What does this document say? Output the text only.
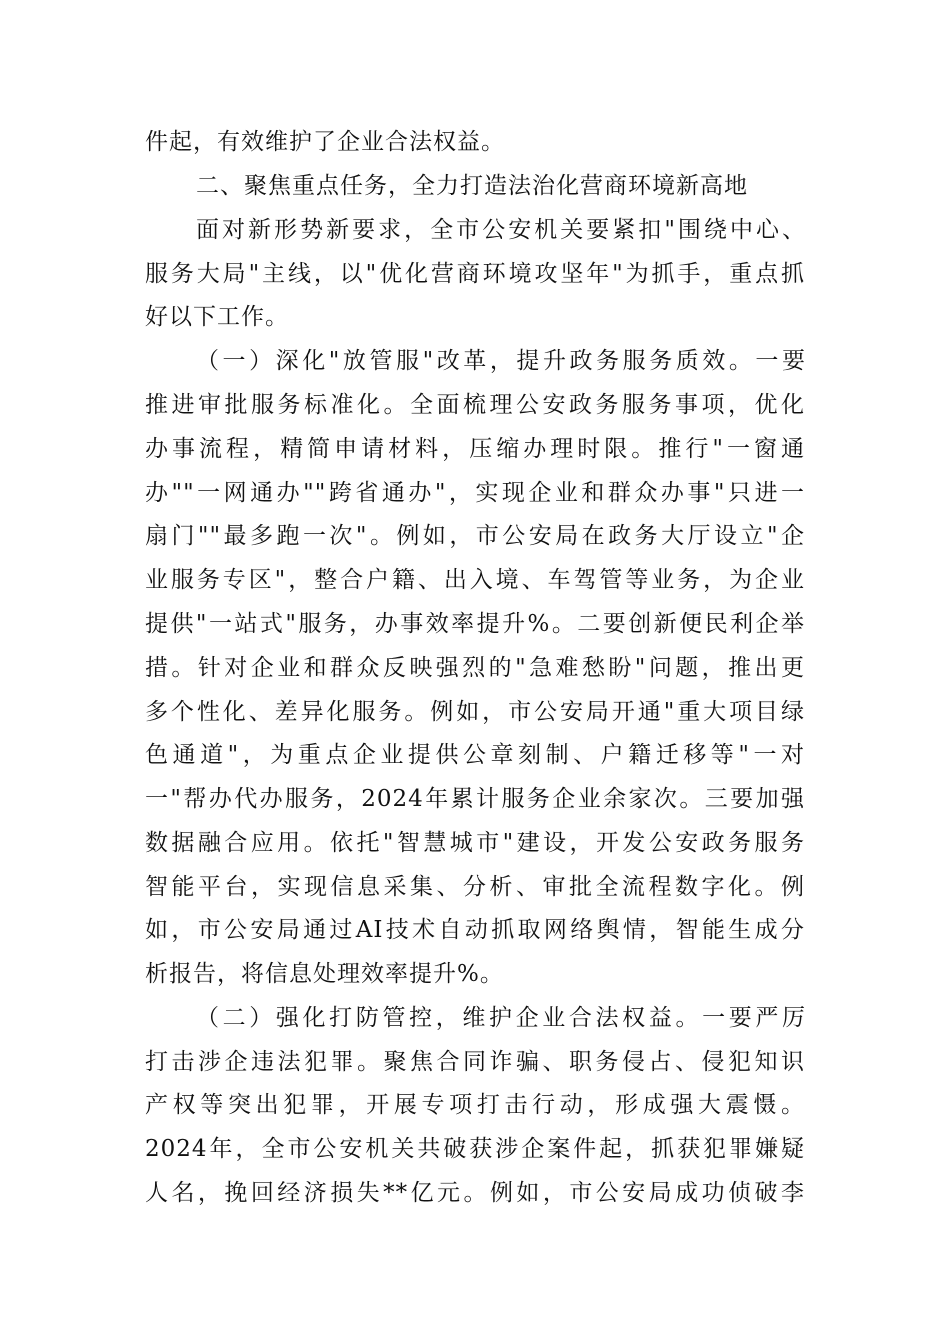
件起，有效维护了企业合法权益。
二、聚焦重点任务，全力打造法治化营商环境新高地
面对新形势新要求，全市公安机关要紧扣"围绕中心、
服务大局"主线，以"优化营商环境攻坚年"为抓手，重点抓
好以下工作。
（一）深化"放管服"改革，提升政务服务质效。一要
推进审批服务标准化。全面梳理公安政务服务事项，优化
办事流程，精简申请材料，压缩办理时限。推行"一窗通
办""一网通办""跨省通办"，实现企业和群众办事"只进一
扇门""最多跑一次"。例如，市公安局在政务大厅设立"企
业服务专区"，整合户籍、出入境、车驾管等业务，为企业
提供"一站式"服务，办事效率提升%。二要创新便民利企举
措。针对企业和群众反映强烈的"急难愁盼"问题，推出更
多个性化、差异化服务。例如，市公安局开通"重大项目绿
色通道"，为重点企业提供公章刻制、户籍迁移等"一对
一"帮办代办服务，2024年累计服务企业余家次。三要加强
数据融合应用。依托"智慧城市"建设，开发公安政务服务
智能平台，实现信息采集、分析、审批全流程数字化。例
如，市公安局通过AI技术自动抓取网络舆情，智能生成分
析报告，将信息处理效率提升%。
（二）强化打防管控，维护企业合法权益。一要严厉
打击涉企违法犯罪。聚焦合同诈骗、职务侵占、侵犯知识
产权等突出犯罪，开展专项打击行动，形成强大震慑。
2024年，全市公安机关共破获涉企案件起，抓获犯罪嫌疑
人名，挽回经济损失**亿元。例如，市公安局成功侦破李
